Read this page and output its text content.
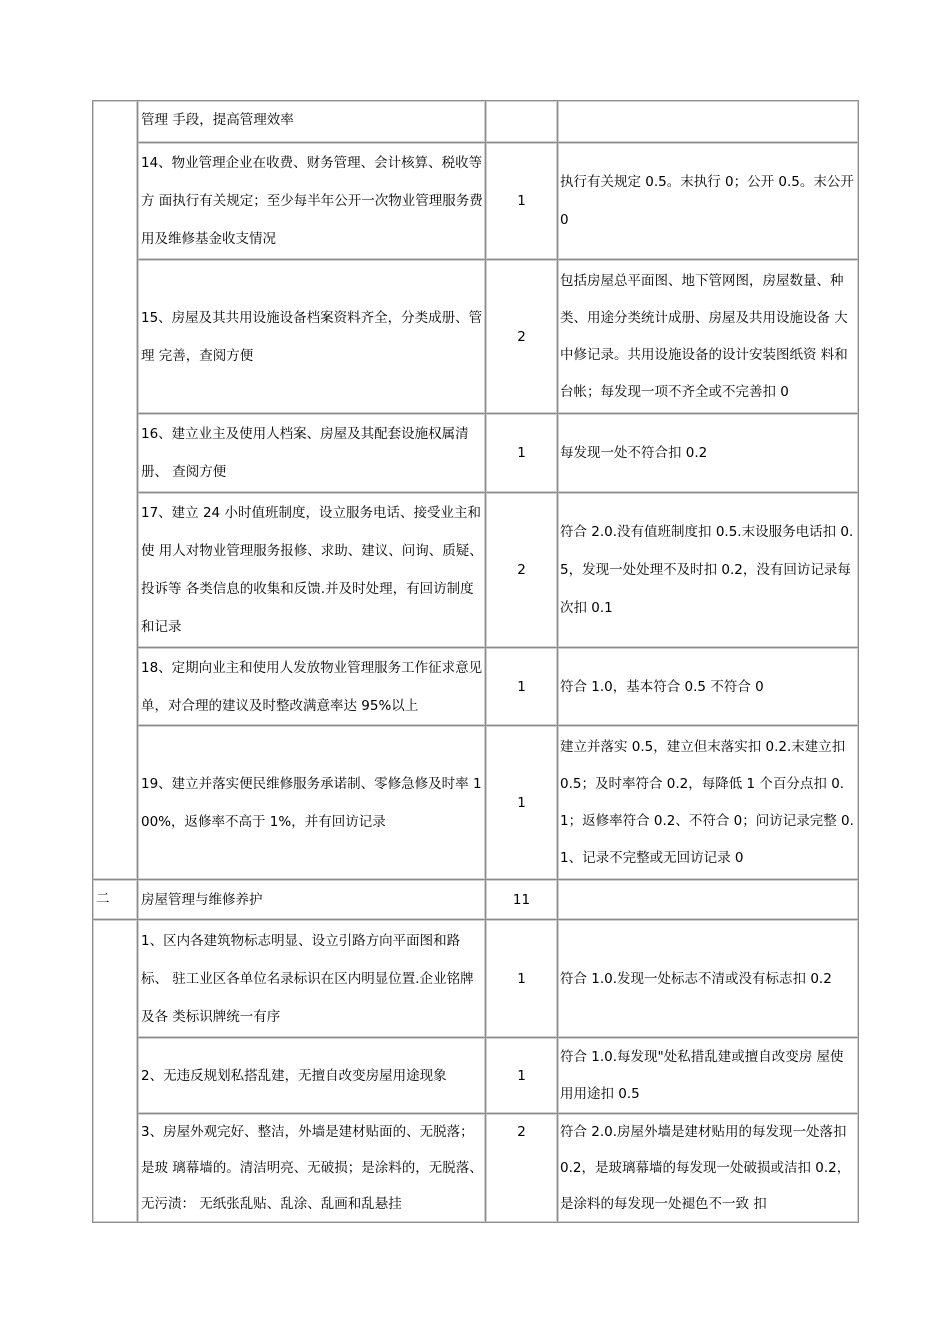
	管理 手段，提高管理效率		
	14、物业管理企业在收费、财务管理、会计核算、税收等方 面执行有关规定；至少每半年公开一次物业管理服务费用及维修基金收支情况	1	执行有关规定 0.5。末执行 0；公开 0.5。末公开 0
	15、房屋及其共用设施设备档案资料齐全，分类成册、管理 完善，查阅方便	2	包括房屋总平面图、地下管网图，房屋数量、种 类、用途分类统计成册、房屋及共用设施设备 大中修记录。共用设施设备的设计安装图纸资 料和台帐；每发现一项不齐全或不完善扣 0
	16、建立业主及使用人档案、房屋及其配套设施权属清册、 查阅方便	1	每发现一处不符合扣 0.2
	17、建立 24 小时值班制度，设立服务电话、接受业主和使 用人对物业管理服务报修、求助、建议、问询、质疑、投诉等 各类信息的收集和反馈.并及时处理，有回访制度和记录	2	符合 2.0.没有值班制度扣 0.5.末设服务电话扣 0.5，发现一处处理不及时扣 0.2，没有回访记录每次扣 0.1
	18、定期向业主和使用人发放物业管理服务工作征求意见 单，对合理的建议及时整改满意率达 95%以上	1	符合 1.0，基本符合 0.5 不符合 0
	19、建立并落实便民维修服务承诺制、零修急修及时率 100%，返修率不高于 1%，并有回访记录	1	建立并落实 0.5，建立但末落实扣 0.2.末建立扣 0.5；及时率符合 0.2，每降低 1 个百分点扣 0.1；返修率符合 0.2、不符合 0；问访记录完整 0.1、记录不完整或无回访记录 0
二	房屋管理与维修养护	11	
	1、区内各建筑物标志明显、设立引路方向平面图和路标、 驻工业区各单位名录标识在区内明显位置.企业铭牌及各 类标识牌统一有序	1	符合 1.0.发现一处标志不清或没有标志扣 0.2
	2、无违反规划私搭乱建，无擅自改变房屋用途现象	1	符合 1.0.每发现"处私措乱建或擅自改变房 屋使用用途扣 0.5
	3、房屋外观完好、整洁，外墙是建材贴面的、无脱落；是玻 璃幕墙的。清洁明亮、无破损；是涂料的，无脱落、无污渍： 无纸张乱贴、乱涂、乱画和乱悬挂	2	符合 2.0.房屋外墙是建材贴用的每发现一处落扣 0.2，是玻璃幕墙的每发现一处破损或洁扣 0.2，是涂料的每发现一处褪色不一致 扣
